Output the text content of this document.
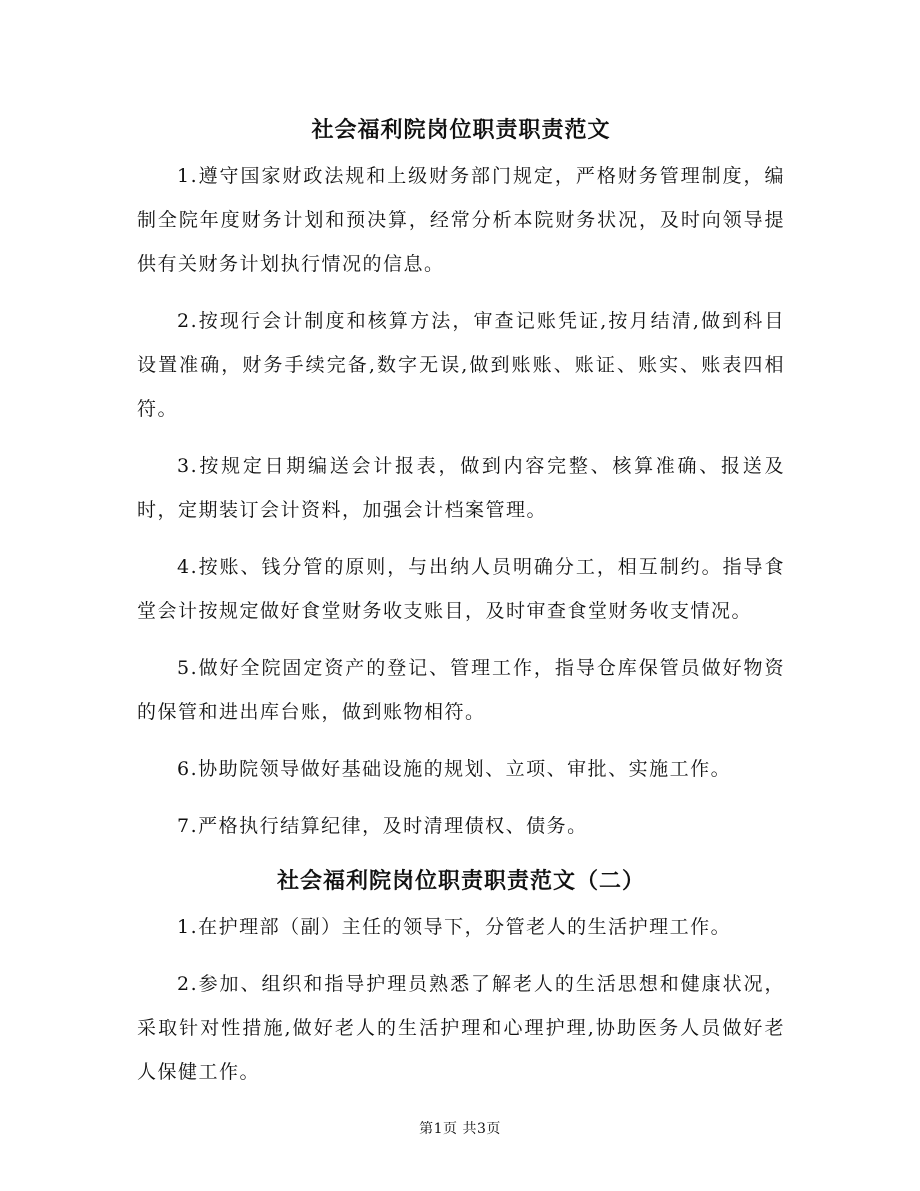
社会福利院岗位职责职责范文

1.遵守国家财政法规和上级财务部门规定，严格财务管理制度，编制全院年度财务计划和预决算，经常分析本院财务状况，及时向领导提供有关财务计划执行情况的信息。

2.按现行会计制度和核算方法，审查记账凭证,按月结清,做到科目设置准确，财务手续完备,数字无误,做到账账、账证、账实、账表四相符。

3.按规定日期编送会计报表，做到内容完整、核算准确、报送及时，定期装订会计资料，加强会计档案管理。

4.按账、钱分管的原则，与出纳人员明确分工，相互制约。指导食堂会计按规定做好食堂财务收支账目，及时审查食堂财务收支情况。

5.做好全院固定资产的登记、管理工作，指导仓库保管员做好物资的保管和进出库台账，做到账物相符。

6.协助院领导做好基础设施的规划、立项、审批、实施工作。

7.严格执行结算纪律，及时清理债权、债务。

社会福利院岗位职责职责范文（二）

1.在护理部（副）主任的领导下，分管老人的生活护理工作。

2.参加、组织和指导护理员熟悉了解老人的生活思想和健康状况，采取针对性措施,做好老人的生活护理和心理护理,协助医务人员做好老人保健工作。

第1页 共3页
